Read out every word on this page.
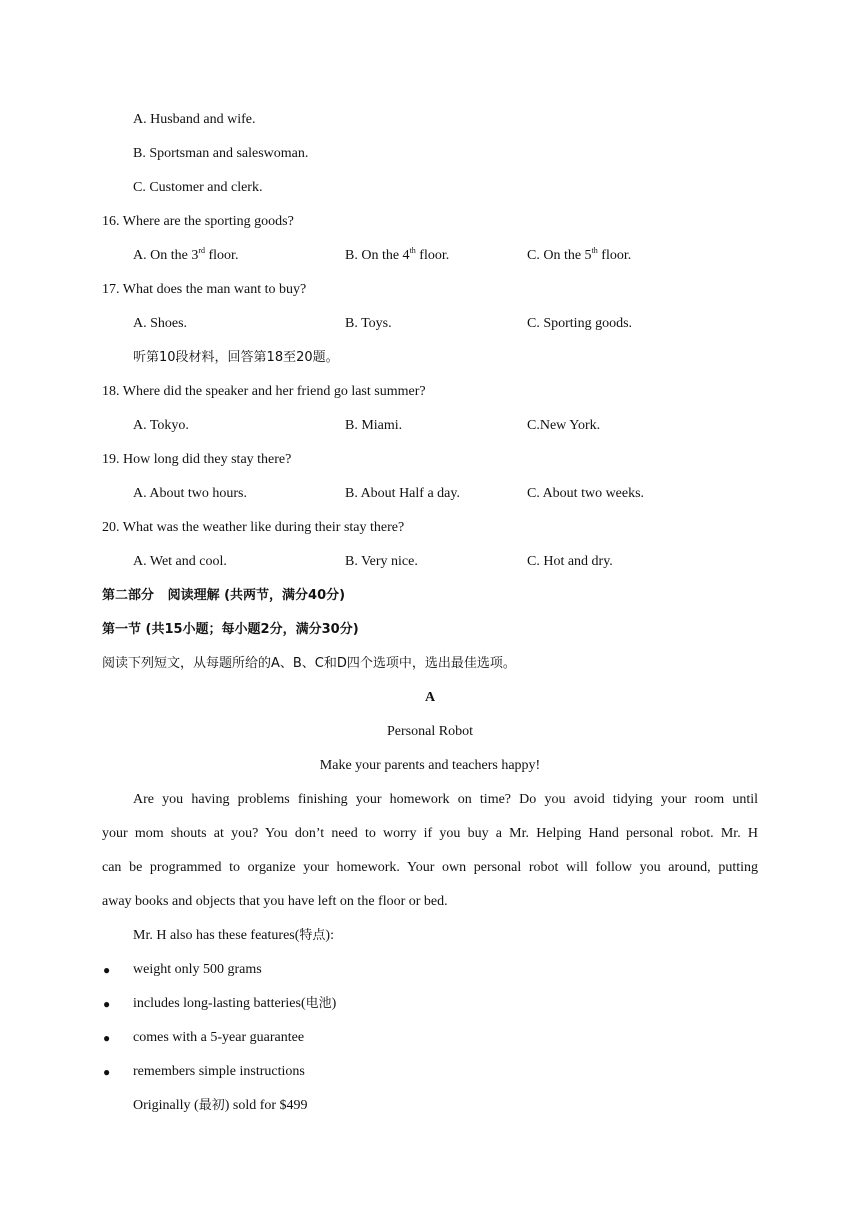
A. Husband and wife.
B. Sportsman and saleswoman.
C. Customer and clerk.
16. Where are the sporting goods?
A. On the 3rd floor.	B. On the 4th floor.	C. On the 5th floor.
17. What does the man want to buy?
A. Shoes.	B. Toys.	C. Sporting goods.
听第10段材料，回答第18至20题。
18. Where did the speaker and her friend go last summer?
A. Tokyo.	B. Miami.	C.New York.
19. How long did they stay there?
A. About two hours.	B. About Half a day.	C. About two weeks.
20. What was the weather like during their stay there?
A. Wet and cool.	B. Very nice.	C. Hot and dry.
第二部分   阅读理解 (共两节，满分40分)
第一节 (共15小题；每小题2分，满分30分)
阅读下列短文，从每题所给的A、B、C和D四个选项中，选出最佳选项。
A
Personal Robot
Make your parents and teachers happy!
Are you having problems finishing your homework on time? Do you avoid tidying your room until
your mom shouts at you? You don’t need to worry if you buy a Mr. Helping Hand personal robot. Mr. H
can be programmed to organize your homework. Your own personal robot will follow you around, putting
away books and objects that you have left on the floor or bed.
Mr. H also has these features(特点):
● weight only 500 grams
● includes long-lasting batteries(电池)
● comes with a 5-year guarantee
● remembers simple instructions
Originally (最初) sold for $499
